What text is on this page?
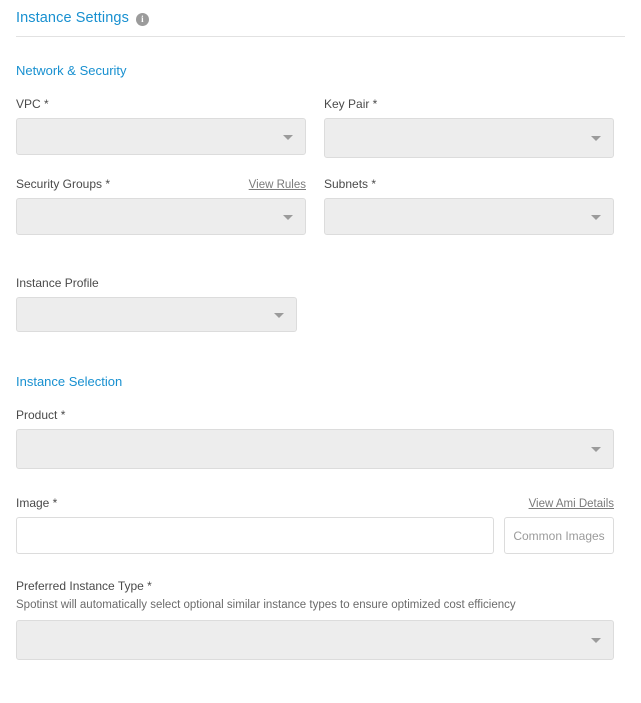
Instance Settings	i
Network & Security
VPC *	Key Pair *
Security Groups *	View Rules Subnets *
Instance Profile
Instance Selection
Product *
Image *	View Ami Details
Common Images
Preferred Instance Type *
Spotinst will automatically select optional similar instance types to ensure optimized cost efficiency
